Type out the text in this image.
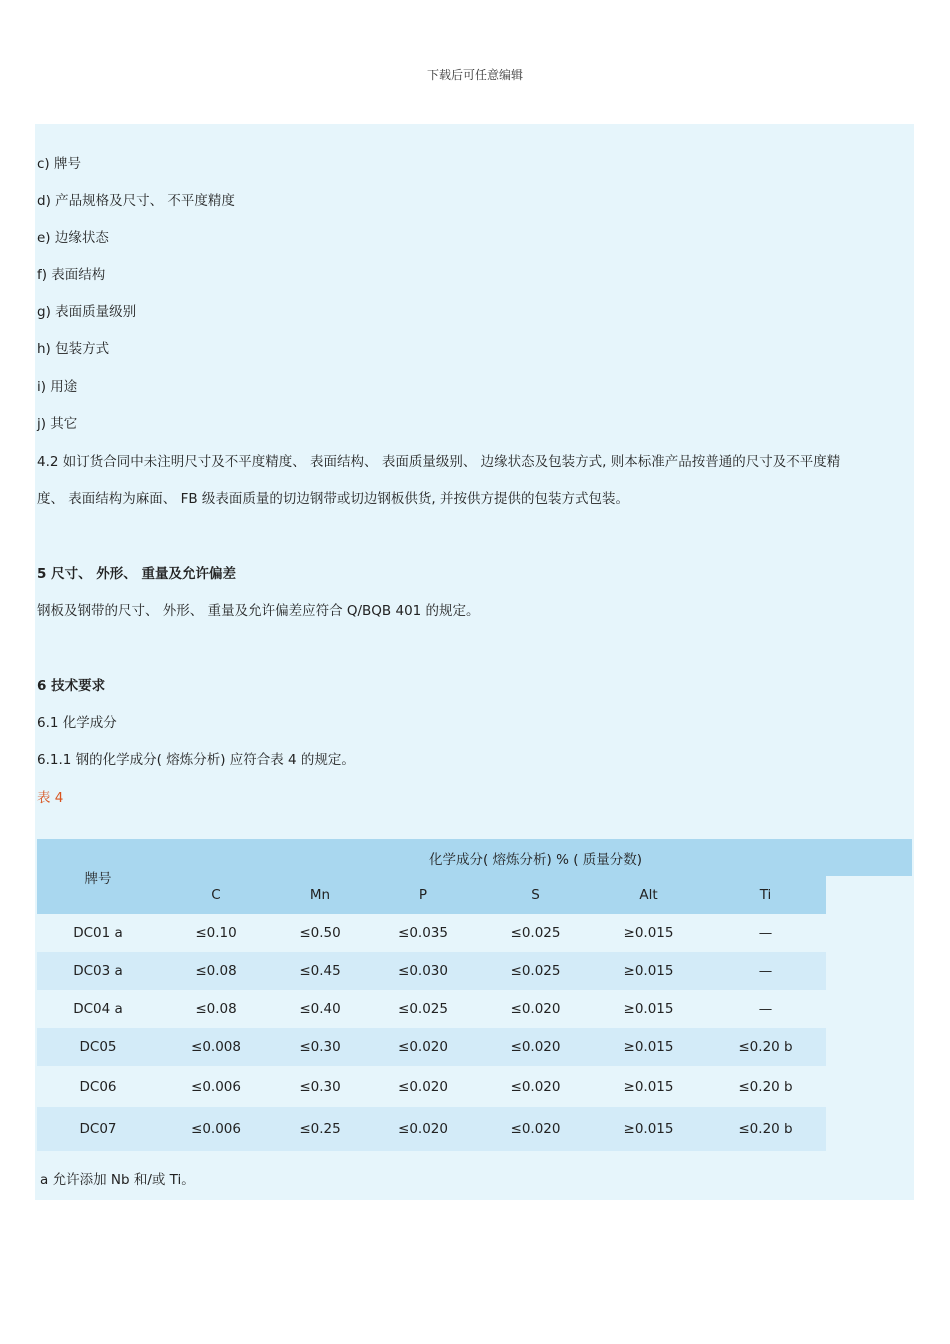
下载后可任意编辑
c) 牌号
d) 产品规格及尺寸、 不平度精度
e) 边缘状态
f) 表面结构
g) 表面质量级别
h) 包装方式
i) 用途
j) 其它
4.2 如订货合同中未注明尺寸及不平度精度、 表面结构、 表面质量级别、 边缘状态及包装方式, 则本标准产品按普通的尺寸及不平度精
度、 表面结构为麻面、 FB 级表面质量的切边钢带或切边钢板供货, 并按供方提供的包装方式包装。
5 尺寸、 外形、 重量及允许偏差
钢板及钢带的尺寸、 外形、 重量及允许偏差应符合 Q/BQB 401 的规定。
6 技术要求
6.1 化学成分
6.1.1 钢的化学成分( 熔炼分析) 应符合表 4 的规定。
表 4
牌号	化学成分( 熔炼分析) % ( 质量分数)						
	C	Mn	P	S	Alt	Ti	
DC01 a	≤0.10	≤0.50	≤0.035	≤0.025	≥0.015	—	
DC03 a	≤0.08	≤0.45	≤0.030	≤0.025	≥0.015	—	
DC04 a	≤0.08	≤0.40	≤0.025	≤0.020	≥0.015	—	
DC05	≤0.008	≤0.30	≤0.020	≤0.020	≥0.015	≤0.20 b	
DC06	≤0.006	≤0.30	≤0.020	≤0.020	≥0.015	≤0.20 b	
DC07	≤0.006	≤0.25	≤0.020	≤0.020	≥0.015	≤0.20 b	
a 允许添加 Nb 和/或 Ti。
